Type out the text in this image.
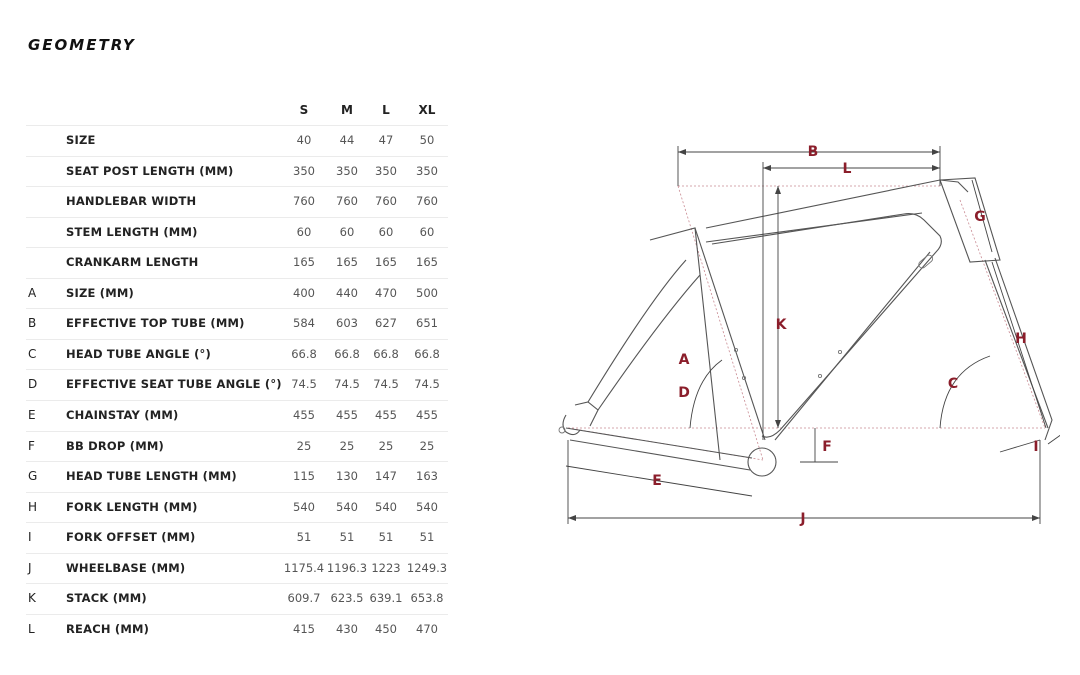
GEOMETRY
S	M	L	XL
SIZE	40	44	47	50
SEAT POST LENGTH (MM)	350	350	350	350
HANDLEBAR WIDTH	760	760	760	760
STEM LENGTH (MM)	60	60	60	60
CRANKARM LENGTH	165	165	165	165
A	SIZE (MM)	400	440	470	500
B	EFFECTIVE TOP TUBE (MM)	584	603	627	651
C	HEAD TUBE ANGLE (°)	66.8	66.8	66.8	66.8
D	EFFECTIVE SEAT TUBE ANGLE (°) 74.5	74.5	74.5	74.5
E	CHAINSTAY (MM)	455	455	455	455
F	BB DROP (MM)	25	25	25	25
G HEAD TUBE LENGTH (MM)	115	130	147	163
H	FORK LENGTH (MM)	540	540	540	540
I	FORK OFFSET (MM)	51	51	51	51
J	WHEELBASE (MM)	1175.4 1196.3 1223 1249.3
K	STACK (MM)	609.7 623.5 639.1 653.8
L	REACH (MM)	415	430	450	470
B
L
G
K
H
A
C
D
F	I
E
J
